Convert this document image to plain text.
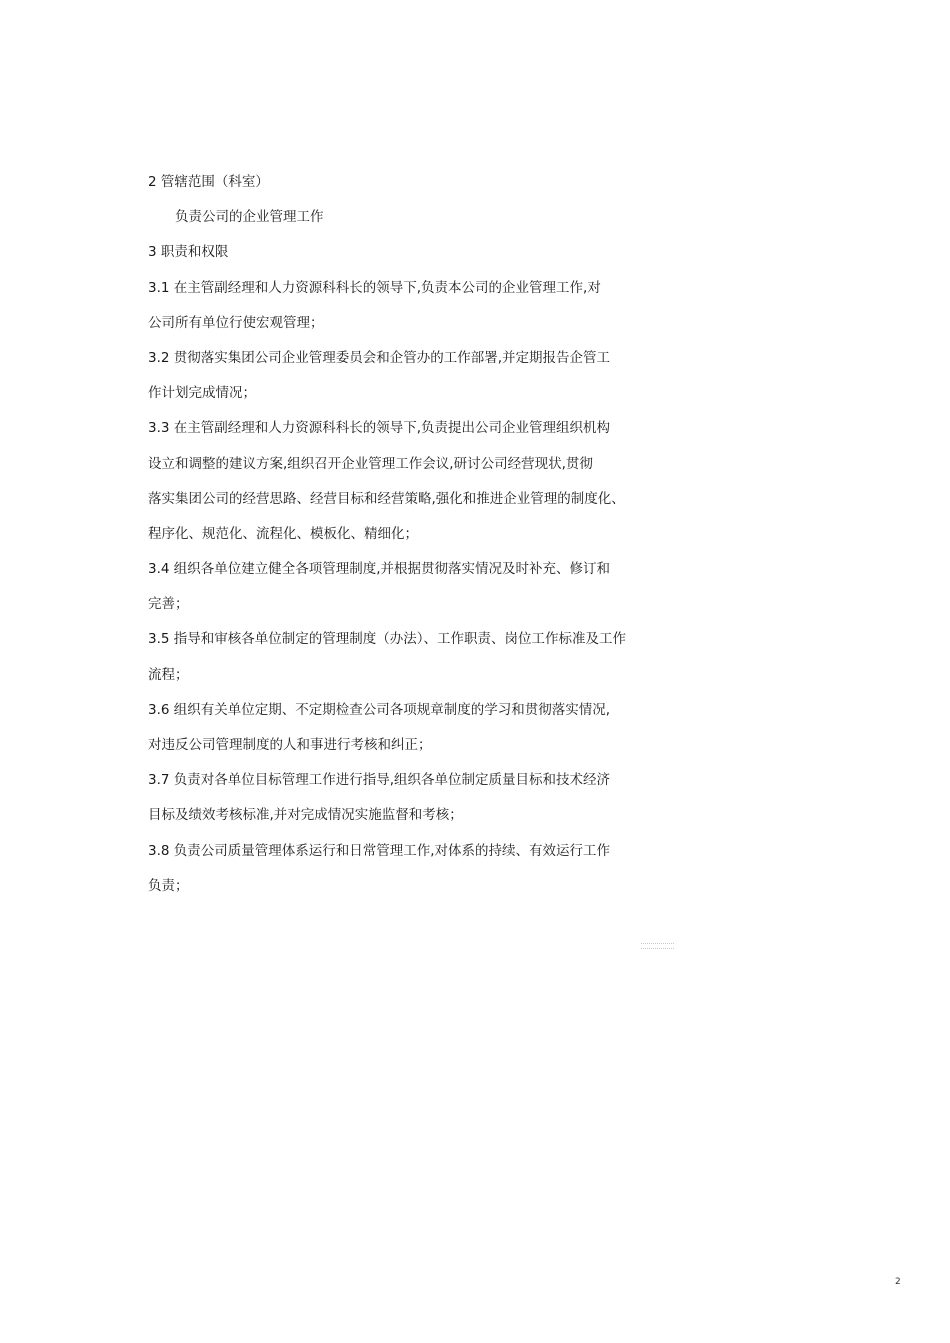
2 管辖范围（科室）
负责公司的企业管理工作
3 职责和权限
3.1 在主管副经理和人力资源科科长的领导下,负责本公司的企业管理工作,对
公司所有单位行使宏观管理；
3.2 贯彻落实集团公司企业管理委员会和企管办的工作部署,并定期报告企管工
作计划完成情况；
3.3 在主管副经理和人力资源科科长的领导下,负责提出公司企业管理组织机构
设立和调整的建议方案,组织召开企业管理工作会议,研讨公司经营现状,贯彻
落实集团公司的经营思路、经营目标和经营策略,强化和推进企业管理的制度化、
程序化、规范化、流程化、模板化、精细化；
3.4 组织各单位建立健全各项管理制度,并根据贯彻落实情况及时补充、修订和
完善；
3.5 指导和审核各单位制定的管理制度（办法）、工作职责、岗位工作标准及工作
流程；
3.6 组织有关单位定期、不定期检查公司各项规章制度的学习和贯彻落实情况,
对违反公司管理制度的人和事进行考核和纠正；
3.7 负责对各单位目标管理工作进行指导,组织各单位制定质量目标和技术经济
目标及绩效考核标准,并对完成情况实施监督和考核；
3.8 负责公司质量管理体系运行和日常管理工作,对体系的持续、有效运行工作
负责；
2
